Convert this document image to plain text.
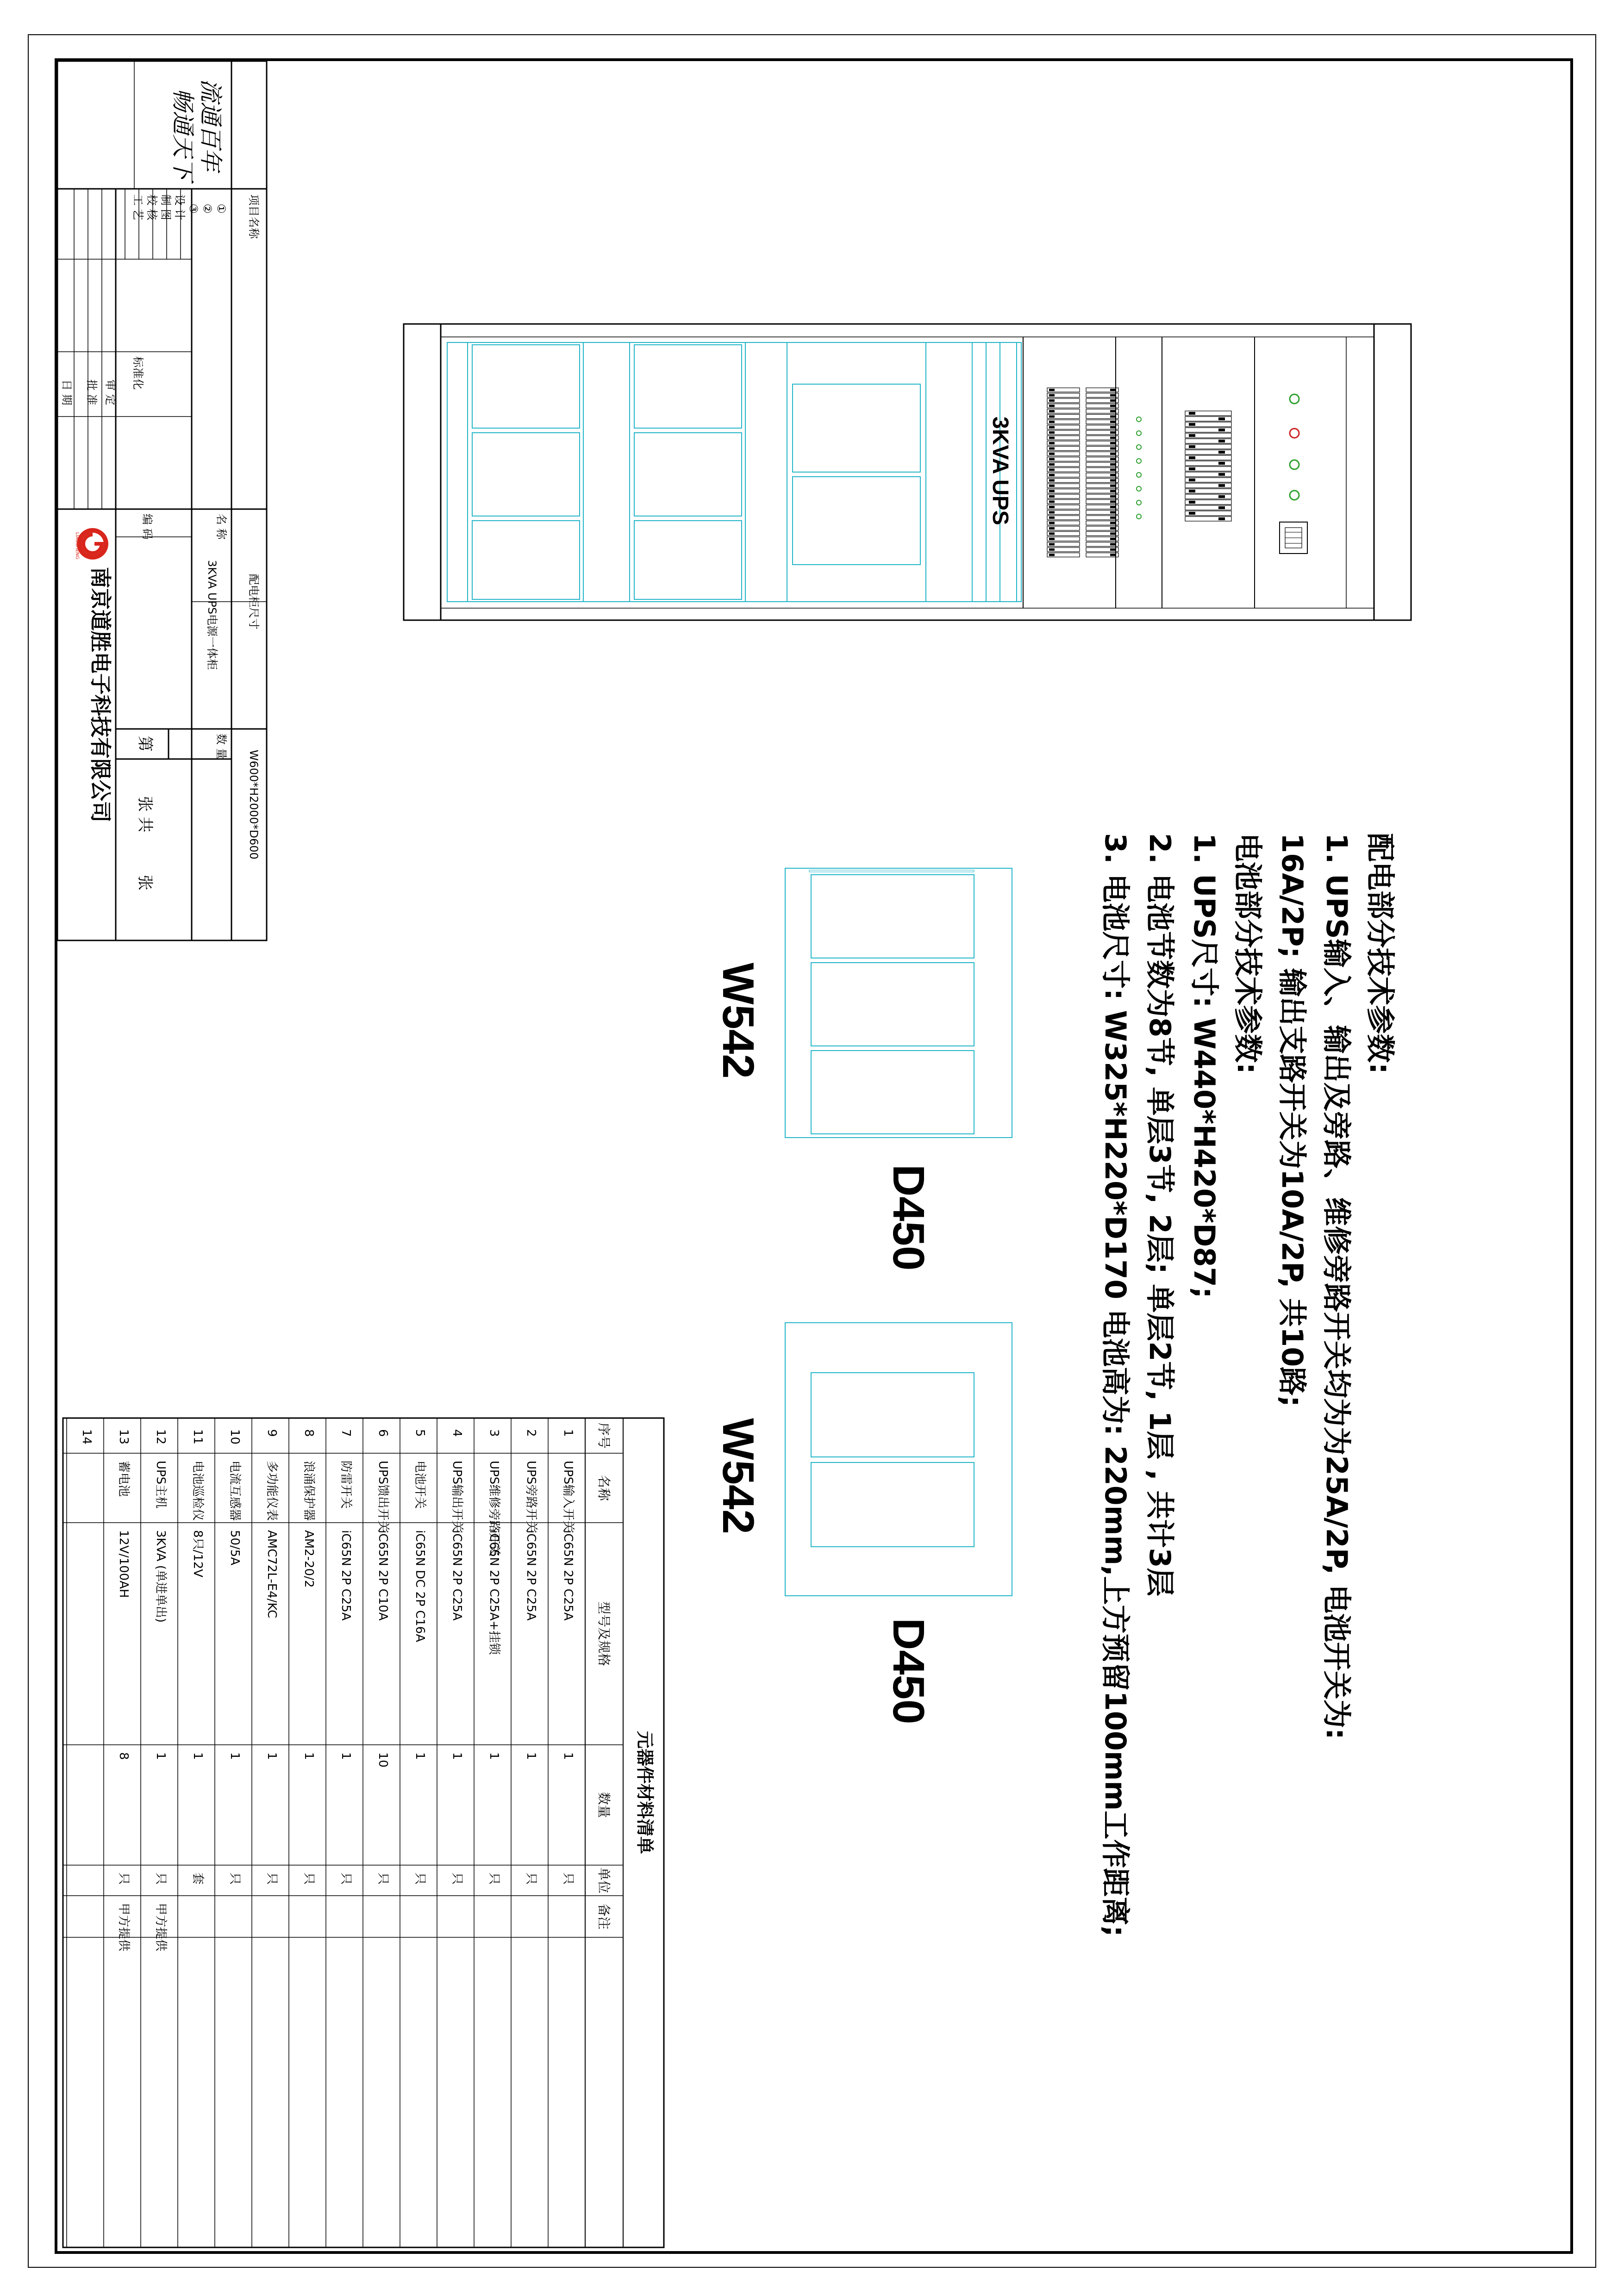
流通百年
畅通天下
项目名称
①
②
③
设 计
制 图
校 核
工 艺
标准化
审 定
批 准
日 期
配电柜尺寸
W600*H2000*D600
名 称
3KVA UPS电源一体柜
编 码
数 量
第
张 共
张
南京道胜电子科技有限公司
LIAOSHENG
3KVA UPS
配电部分技术参数:
1. UPS输入、输出及旁路、维修旁路开关均为为25A/2P, 电池开关为:
16A/2P; 输出支路开关为10A/2P, 共10路;
电池部分技术参数:
1. UPS尺寸: W440*H420*D87;
2. 电池节数为8节, 单层3节, 2层; 单层2节, 1层 , 共计3层
3. 电池尺寸: W325*H220*D170 电池高为: 220mm,上方预留100mm工作距离;
W542
D450
W542
D450
元器件材料清单
序号
名称
型号及规格
数量
单位
备注
1
UPS输入开关
iC65N 2P C25A
1
只
2
UPS旁路开关
iC65N 2P C25A
1
只
3
UPS维修旁路开关
iC65N 2P C25A+挂锁
1
只
4
UPS输出开关
iC65N 2P C25A
1
只
5
电池开关
iC65N DC 2P C16A
1
只
6
UPS馈出开关
iC65N 2P C10A
10
只
7
防雷开关
iC65N 2P C25A
1
只
8
浪涌保护器
AM2-20/2
1
只
9
多功能仪表
AMC72L-E4/KC
1
只
10
电流互感器
50/5A
1
只
11
电池巡检仪
8只/12V
1
套
12
UPS主机
3KVA (单进单出)
1
只
甲方提供
13
蓄电池
12V/100AH
8
只
甲方提供
14
